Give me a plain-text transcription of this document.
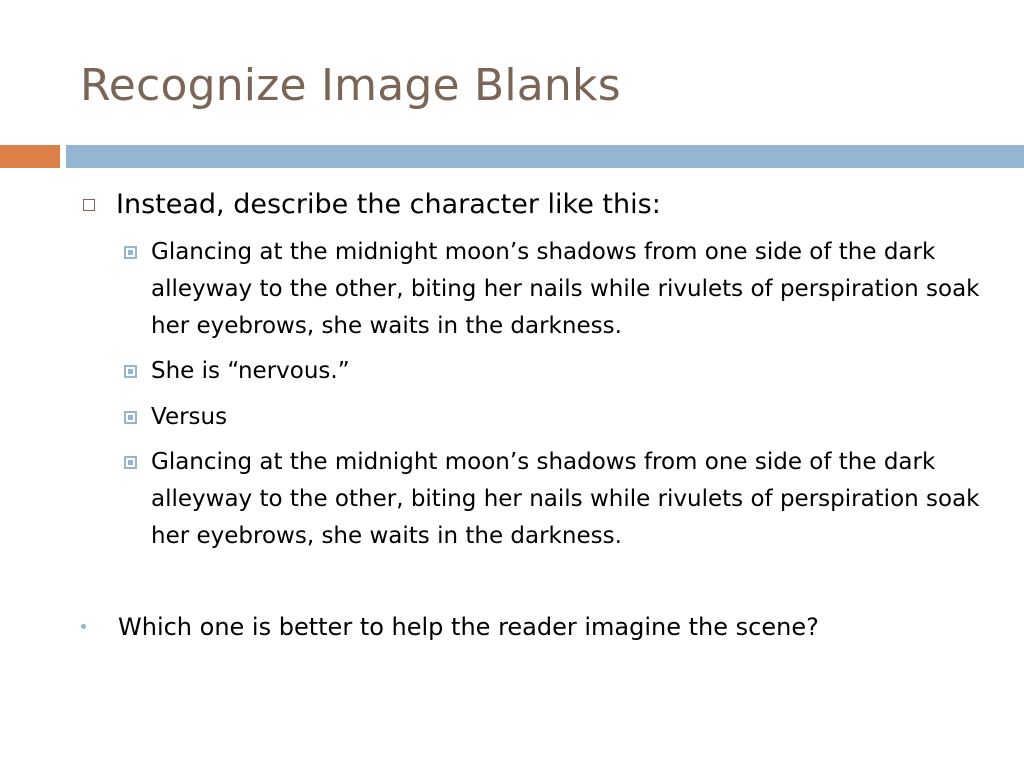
Recognize Image Blanks
Instead, describe the character like this:
Glancing at the midnight moon’s shadows from one side of the dark alleyway to the other, biting her nails while rivulets of perspiration soak her eyebrows, she waits in the darkness.
She is “nervous.”
Versus
Glancing at the midnight moon’s shadows from one side of the dark alleyway to the other, biting her nails while rivulets of perspiration soak her eyebrows, she waits in the darkness.
Which one is better to help the reader imagine the scene?
